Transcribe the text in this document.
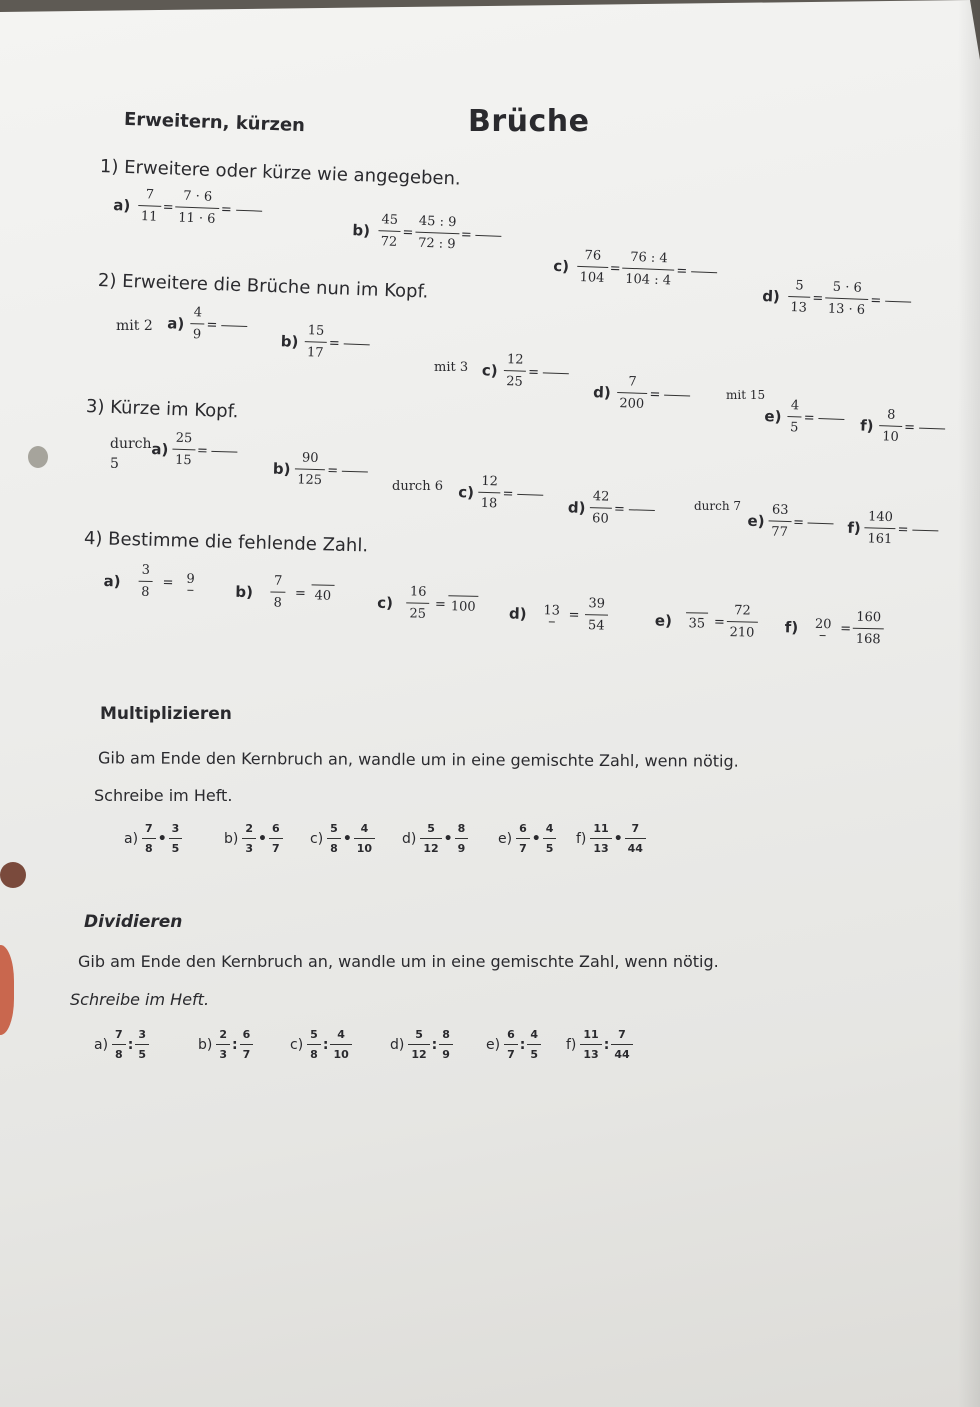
Brüche
Erweitern, kürzen
1) Erweitere oder kürze wie angegeben.
$a) \frac{7}{11} = \frac{7 \cdot 6}{11 \cdot 6}$ =
$b) \frac{45}{72} = \frac{45 : 9}{72 : 9}$ =
$c) \frac{76}{104} = \frac{76 : 4}{104 : 4}$ =
$d) \frac{5}{13} = \frac{5 \cdot 6}{13 \cdot 6}$ =
2) Erweitere die Brüche nun im Kopf.
mit 2 $a) \frac{4}{9}$ =
$b) \frac{15}{17}$ =
$c) \frac{12}{25}$ =
$d) \frac{7}{200}$ =
$e) \frac{4}{5}$ =	$f) \frac{8}{10}$ =
mit 3
mit 15
3) Kürze im Kopf.
durch
5
$a) \frac{25}{15}$ =
$b) \frac{90}{125}$ =
$c) \frac{12}{18}$ =
$d) \frac{42}{60}$ =
$e) \frac{63}{77}$ =	$f) \frac{140}{161}$ =
durch 6
durch 7
4) Bestimme die fehlende Zahl.
$a) \frac{3}{8} = 9$
$b) \frac{7}{8} = 40$	$c) \frac{16}{25} = 100$ d) $13 = \frac{39}{54}$	e) $35 = \frac{72}{210} f$) $20 = \frac{160}{168}$
Multiplizieren
Gib am Ende den Kernbruch an, wandle um in eine gemischte Zahl, wenn nötig.
Schreibe im Heft.
$a) \frac{7}{8}$ • $\frac{3}{5}$	$b) \frac{2}{3}$ • $\frac{6}{7} c) \frac{5}{8}$ • $\frac{4}{10} d) \frac{5}{12}$ • $\frac{8}{9} e) \frac{6}{7}$ • $\frac{4}{5} f) \frac{11}{13}$ • $\frac{7}{44}$
Dividieren
Gib am Ende den Kernbruch an, wandle um in eine gemischte Zahl, wenn nötig.
Schreibe im Heft.
$a) \frac{7}{8}$ : $\frac{3}{5}$	$b) \frac{2}{3}$ : $\frac{6}{7}$	$c) \frac{5}{8}$ : $\frac{4}{10}$	$d) \frac{5}{12}$ : $\frac{8}{9} e) \frac{6}{7}$ : $\frac{4}{5} f) \frac{11}{13}$ : $\frac{7}{44}$
